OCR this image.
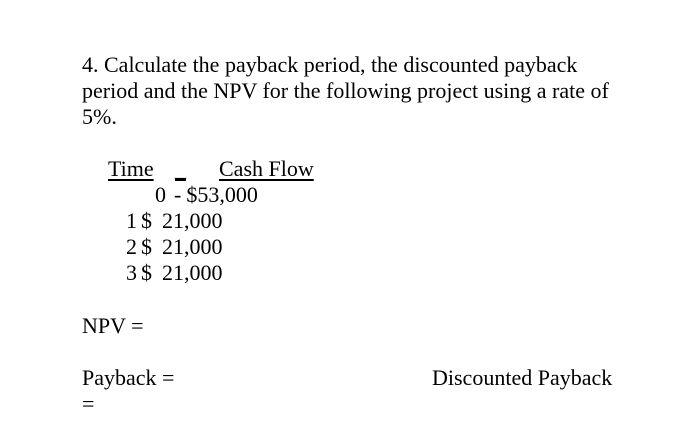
4. Calculate the payback period, the discounted payback
period and the NPV for the following project using a rate of
5%.
Time _ Cash Flow
0 - $53,000
1 $ 21,000
2 $ 21,000
3 $ 21,000
NPV =
Payback =
=
Discounted Payback
